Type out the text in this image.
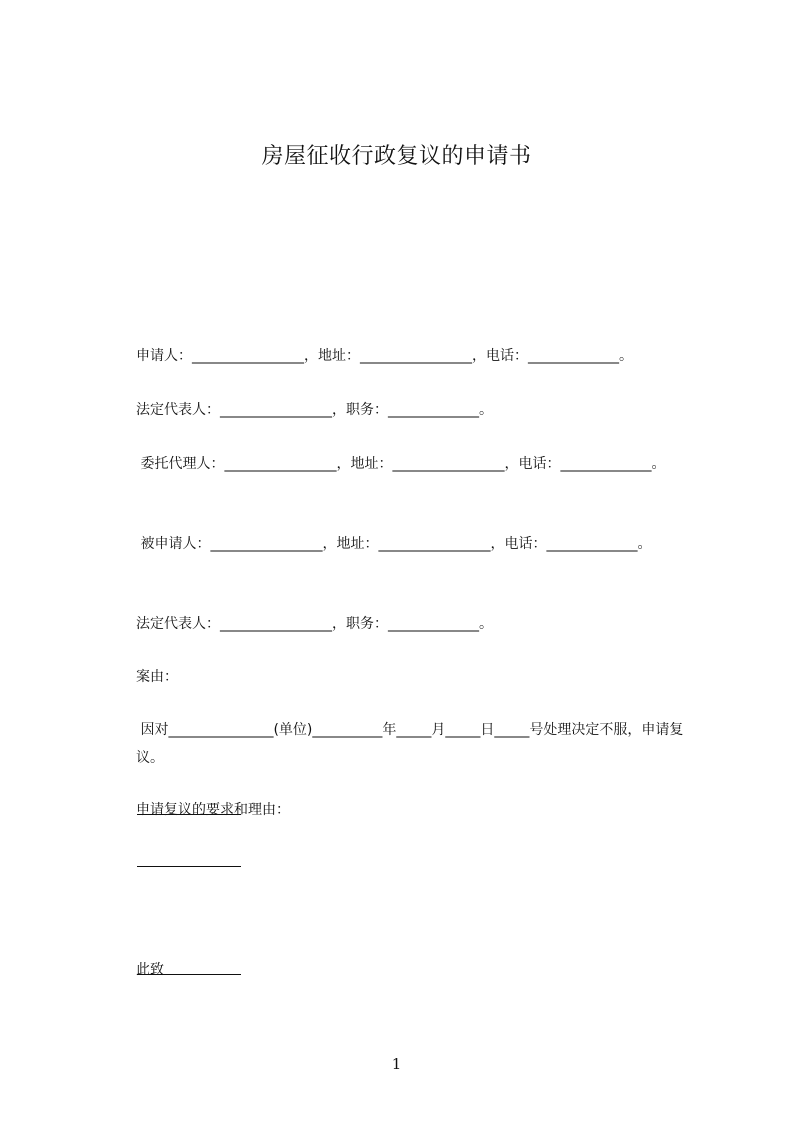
房屋征收行政复议的申请书

申请人：________________，地址：________________，电话：_____________。

法定代表人：________________，职务：_____________。

委托代理人：________________，地址：________________，电话：_____________。

被申请人：________________，地址：________________，电话：_____________。

法定代表人：________________，职务：_____________。

案由：

因对_______________(单位)__________年_____月_____日_____号处理决定不服，申请复议。

申请复议的要求和理由：

此致

1
